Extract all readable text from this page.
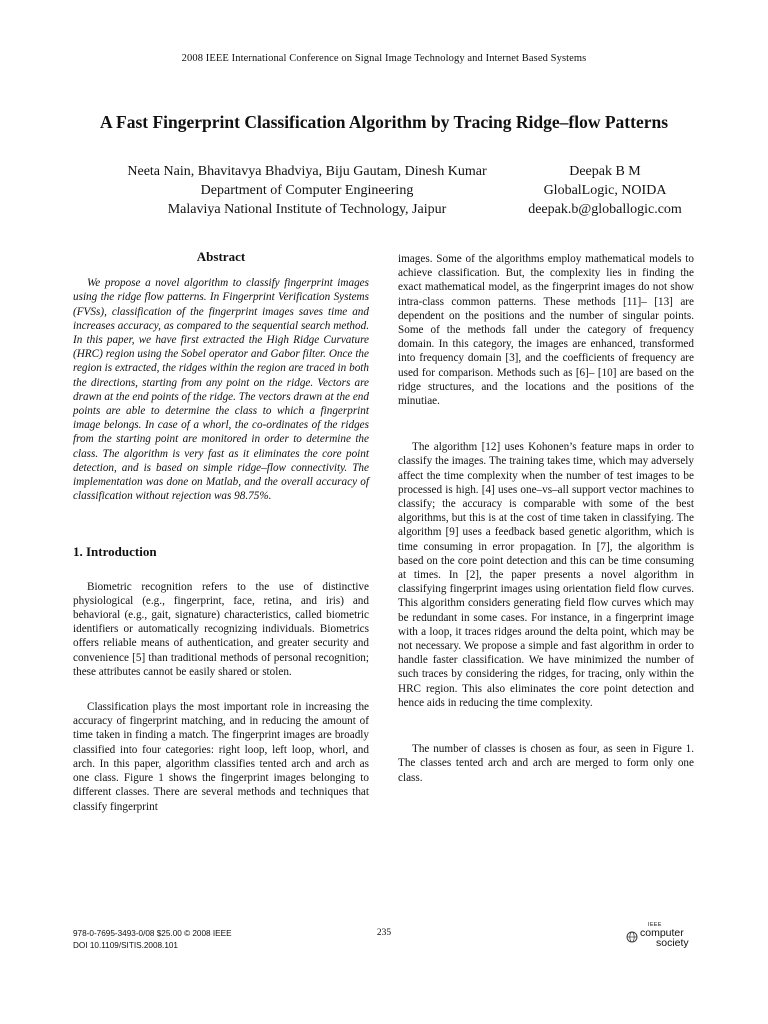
2008 IEEE International Conference on Signal Image Technology and Internet Based Systems
A Fast Fingerprint Classification Algorithm by Tracing Ridge–flow Patterns
Neeta Nain, Bhavitavya Bhadviya, Biju Gautam, Dinesh Kumar
Department of Computer Engineering
Malaviya National Institute of Technology, Jaipur
Deepak B M
GlobalLogic, NOIDA
deepak.b@globallogic.com
Abstract

We propose a novel algorithm to classify fingerprint images using the ridge flow patterns. In Fingerprint Verification Systems (FVSs), classification of the fingerprint images saves time and increases accuracy, as compared to the sequential search method. In this paper, we have first extracted the High Ridge Curvature (HRC) region using the Sobel operator and Gabor filter. Once the region is extracted, the ridges within the region are traced in both the directions, starting from any point on the ridge. Vectors are drawn at the end points of the ridge. The vectors drawn at the end points are able to determine the class to which a fingerprint image belongs. In case of a whorl, the co-ordinates of the ridges from the starting point are monitored in order to determine the class. The algorithm is very fast as it eliminates the core point detection, and is based on simple ridge–flow connectivity. The implementation was done on Matlab, and the overall accuracy of classification without rejection was 98.75%.

1. Introduction

Biometric recognition refers to the use of distinctive physiological (e.g., fingerprint, face, retina, and iris) and behavioral (e.g., gait, signature) characteristics, called biometric identifiers or automatically recognizing individuals. Biometrics offers reliable means of authentication, and greater security and convenience [5] than traditional methods of personal recognition; these attributes cannot be easily shared or stolen.

Classification plays the most important role in increasing the accuracy of fingerprint matching, and in reducing the amount of time taken in finding a match. The fingerprint images are broadly classified into four categories: right loop, left loop, whorl, and arch. In this paper, algorithm classifies tented arch and arch as one class. Figure 1 shows the fingerprint images belonging to different classes. There are several methods and techniques that classify fingerprint

images. Some of the algorithms employ mathematical models to achieve classification. But, the complexity lies in finding the exact mathematical model, as the fingerprint images do not show intra-class common patterns. These methods [11]– [13] are dependent on the positions and the number of singular points. Some of the methods fall under the category of frequency domain. In this category, the images are enhanced, transformed into frequency domain [3], and the coefficients of frequency are used for comparison. Methods such as [6]– [10] are based on the ridge structures, and the locations and the positions of the minutiae.

The algorithm [12] uses Kohonen’s feature maps in order to classify the images. The training takes time, which may adversely affect the time complexity when the number of test images to be processed is high. [4] uses one–vs–all support vector machines to classify; the accuracy is comparable with some of the best algorithms, but this is at the cost of time taken in classifying. The algorithm [9] uses a feedback based genetic algorithm, which is time consuming in error propagation. In [7], the algorithm is based on the core point detection and this can be time consuming at times. In [2], the paper presents a novel algorithm in classifying fingerprint images using orientation field flow curves. This algorithm considers generating field flow curves which may be redundant in some cases. For instance, in a fingerprint image with a loop, it traces ridges around the delta point, which may be not necessary. We propose a simple and fast algorithm in order to handle faster classification. We have minimized the number of such traces by considering the ridges, for tracing, only within the HRC region. This also eliminates the core point detection and hence aids in reducing the time complexity.

The number of classes is chosen as four, as seen in Figure 1. The classes tented arch and arch are merged to form only one class.

978-0-7695-3493-0/08 $25.00 © 2008 IEEE
DOI 10.1109/SITIS.2008.101
235
IEEE
computer
society
